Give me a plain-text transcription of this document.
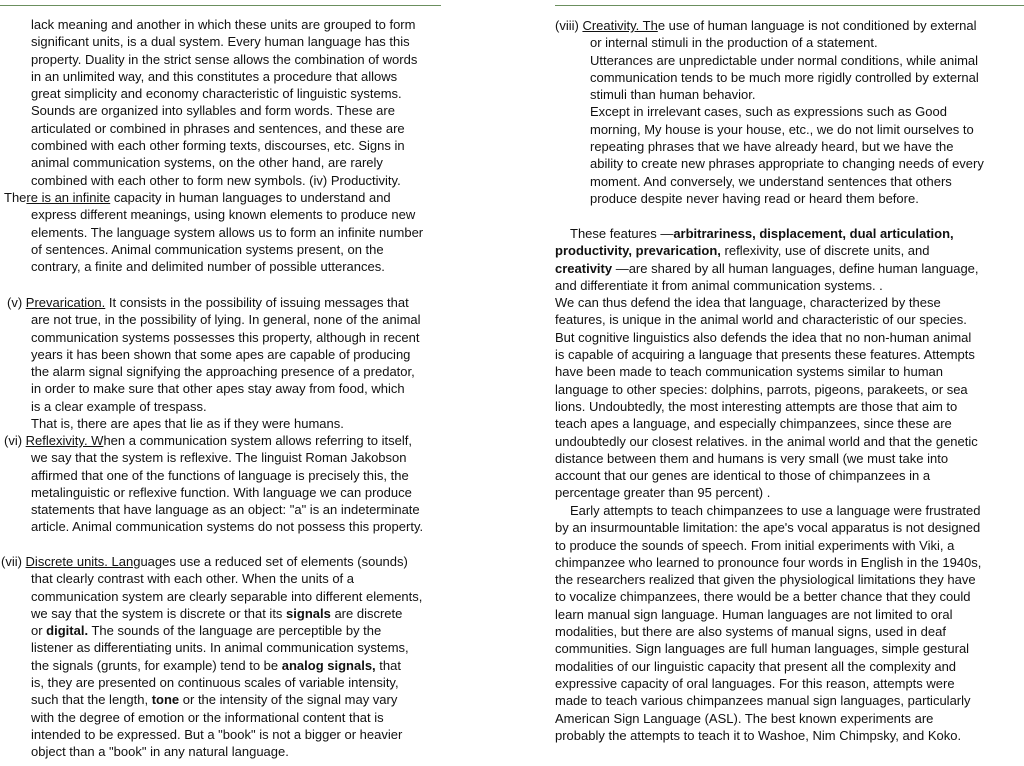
lack meaning and another in which these units are grouped to form
significant units, is a dual system. Every human language has this
property. Duality in the strict sense allows the combination of words
in an unlimited way, and this constitutes a procedure that allows
great simplicity and economy characteristic of linguistic systems.
Sounds are organized into syllables and form words. These are
articulated or combined in phrases and sentences, and these are
combined with each other forming texts, discourses, etc. Signs in
animal communication systems, on the other hand, are rarely
combined with each other to form new symbols. (iv) Productivity.
There is an infinite capacity in human languages to understand and
express different meanings, using known elements to produce new
elements. The language system allows us to form an infinite number
of sentences. Animal communication systems present, on the
contrary, a finite and delimited number of possible utterances.
(v) Prevarication. It consists in the possibility of issuing messages that
are not true, in the possibility of lying. In general, none of the animal
communication systems possesses this property, although in recent
years it has been shown that some apes are capable of producing
the alarm signal signifying the approaching presence of a predator,
in order to make sure that other apes stay away from food, which
is a clear example of trespass.
That is, there are apes that lie as if they were humans.
(vi) Reflexivity. When a communication system allows referring to itself,
we say that the system is reflexive. The linguist Roman Jakobson
affirmed that one of the functions of language is precisely this, the
metalinguistic or reflexive function. With language we can produce
statements that have language as an object: "a" is an indeterminate
article. Animal communication systems do not possess this property.
(vii) Discrete units. Languages use a reduced set of elements (sounds)
that clearly contrast with each other. When the units of a
communication system are clearly separable into different elements,
we say that the system is discrete or that its signals are discrete
or digital. The sounds of the language are perceptible by the
listener as differentiating units. In animal communication systems,
the signals (grunts, for example) tend to be analog signals, that
is, they are presented on continuous scales of variable intensity,
such that the length, tone or the intensity of the signal may vary
with the degree of emotion or the informational content that is
intended to be expressed. But a "book" is not a bigger or heavier
object than a "book" in any natural language.
(viii) Creativity. The use of human language is not conditioned by external
or internal stimuli in the production of a statement.
Utterances are unpredictable under normal conditions, while animal
communication tends to be much more rigidly controlled by external
stimuli than human behavior.
Except in irrelevant cases, such as expressions such as Good
morning, My house is your house, etc., we do not limit ourselves to
repeating phrases that we have already heard, but we have the
ability to create new phrases appropriate to changing needs of every
moment. And conversely, we understand sentences that others
produce despite never having read or heard them before.
These features —arbitrariness, displacement, dual articulation,
productivity, prevarication, reflexivity, use of discrete units, and
creativity —are shared by all human languages, define human language,
and differentiate it from animal communication systems. .
We can thus defend the idea that language, characterized by these
features, is unique in the animal world and characteristic of our species.
But cognitive linguistics also defends the idea that no non-human animal
is capable of acquiring a language that presents these features. Attempts
have been made to teach communication systems similar to human
language to other species: dolphins, parrots, pigeons, parakeets, or sea
lions. Undoubtedly, the most interesting attempts are those that aim to
teach apes a language, and especially chimpanzees, since these are
undoubtedly our closest relatives. in the animal world and that the genetic
distance between them and humans is very small (we must take into
account that our genes are identical to those of chimpanzees in a
percentage greater than 95 percent) .
Early attempts to teach chimpanzees to use a language were frustrated
by an insurmountable limitation: the ape's vocal apparatus is not designed
to produce the sounds of speech. From initial experiments with Viki, a
chimpanzee who learned to pronounce four words in English in the 1940s,
the researchers realized that given the physiological limitations they have
to vocalize chimpanzees, there would be a better chance that they could
learn manual sign language. Human languages are not limited to oral
modalities, but there are also systems of manual signs, used in deaf
communities. Sign languages are full human languages, simple gestural
modalities of our linguistic capacity that present all the complexity and
expressive capacity of oral languages. For this reason, attempts were
made to teach various chimpanzees manual sign languages, particularly
American Sign Language (ASL). The best known experiments are
probably the attempts to teach it to Washoe, Nim Chimpsky, and Koko.
